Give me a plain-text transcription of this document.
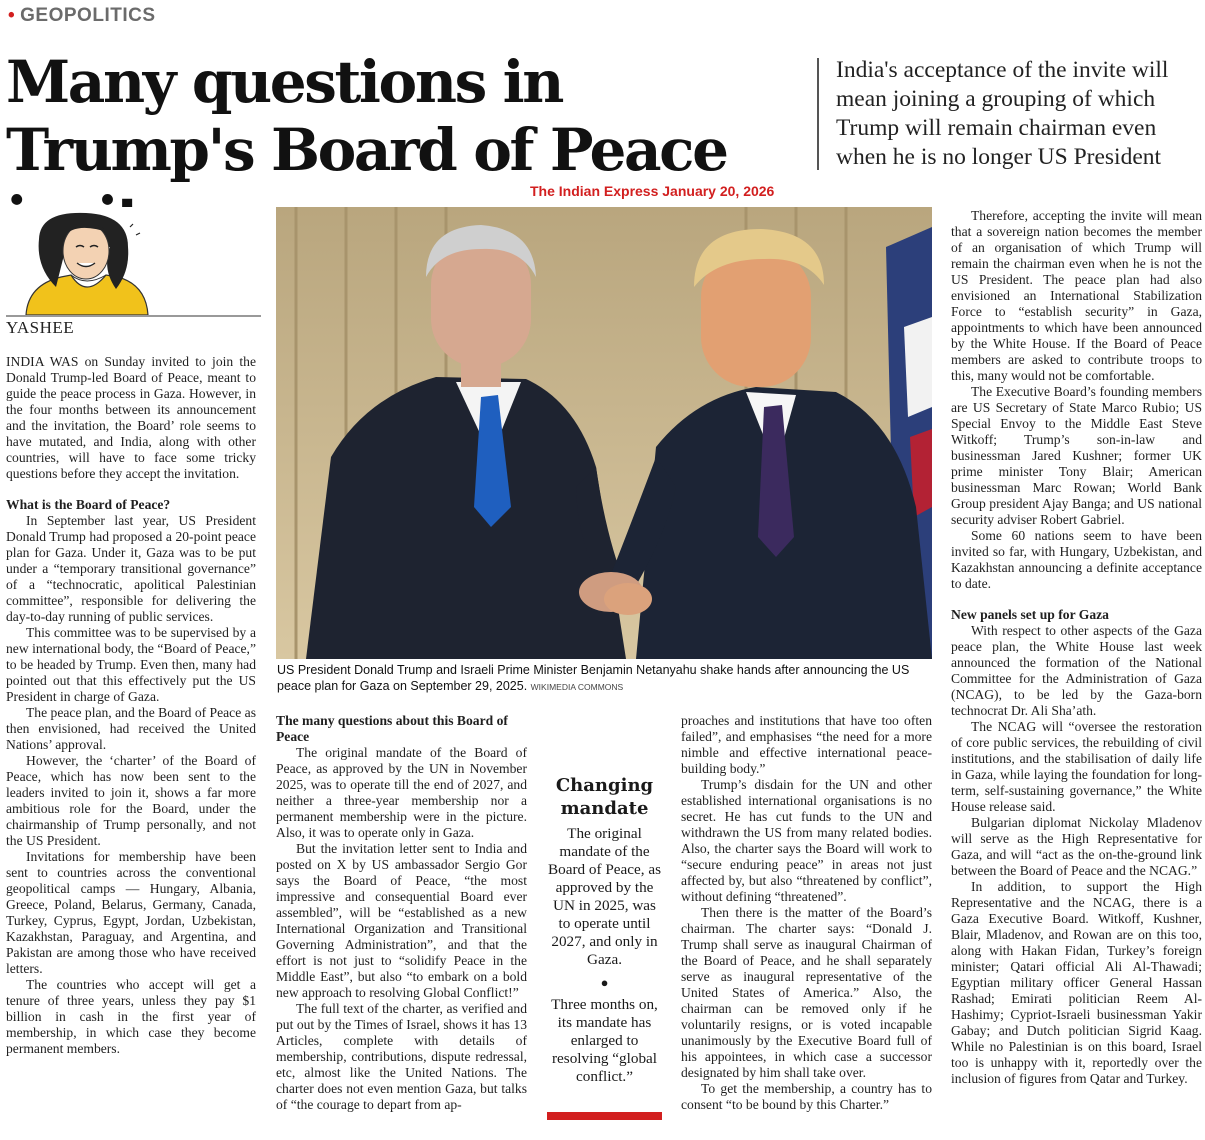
• GEOPOLITICS
Many questions in Trump's Board of Peace
India's acceptance of the invite will mean joining a grouping of which Trump will remain chairman even when he is no longer US President
The Indian Express January 20, 2026
YASHEE

INDIA WAS on Sunday invited to join the Donald Trump-led Board of Peace, meant to guide the peace process in Gaza. However, in the four months between its announcement and the invitation, the Board’ role seems to have mutated, and India, along with other countries, will have to face some tricky questions before they accept the invitation.

What is the Board of Peace?

In September last year, US President Donald Trump had proposed a 20-point peace plan for Gaza. Under it, Gaza was to be put under a “temporary transitional governance” of a “technocratic, apolitical Palestinian committee”, responsible for delivering the day-to-day running of public services.

This committee was to be supervised by a new international body, the “Board of Peace,” to be headed by Trump. Even then, many had pointed out that this effectively put the US President in charge of Gaza.

The peace plan, and the Board of Peace as then envisioned, had received the United Nations’ approval.

However, the ‘charter’ of the Board of Peace, which has now been sent to the leaders invited to join it, shows a far more ambitious role for the Board, under the chairmanship of Trump personally, and not the US President.

Invitations for membership have been sent to countries across the conventional geopolitical camps — Hungary, Albania, Greece, Poland, Belarus, Germany, Canada, Turkey, Cyprus, Egypt, Jordan, Uzbekistan, Kazakhstan, Paraguay, and Argentina, and Pakistan are among those who have received letters.

The countries who accept will get a tenure of three years, unless they pay $1 billion in cash in the first year of membership, in which case they become permanent members.

US President Donald Trump and Israeli Prime Minister Benjamin Netanyahu shake hands after announcing the US peace plan for Gaza on September 29, 2025. WIKIMEDIA COMMONS
The many questions about this Board of Peace

The original mandate of the Board of Peace, as approved by the UN in November 2025, was to operate till the end of 2027, and neither a three-year membership nor a permanent membership were in the picture. Also, it was to operate only in Gaza.

But the invitation letter sent to India and posted on X by US ambassador Sergio Gor says the Board of Peace, “the most impressive and consequential Board ever assembled”, will be “established as a new International Organization and Transitional Governing Administration”, and that the effort is not just to “solidify Peace in the Middle East”, but also “to embark on a bold new approach to resolving Global Conflict!”

The full text of the charter, as verified and put out by the Times of Israel, shows it has 13 Articles, complete with details of membership, contributions, dispute redressal, etc, almost like the United Nations. The charter does not even mention Gaza, but talks of “the courage to depart from ap-

Changing mandate
The original mandate of the Board of Peace, as approved by the UN in 2025, was to operate until 2027, and only in Gaza.
●
Three months on, its mandate has enlarged to resolving “global conflict.”

proaches and institutions that have too often failed”, and emphasises “the need for a more nimble and effective international peace-building body.”

Trump’s disdain for the UN and other established international organisations is no secret. He has cut funds to the UN and withdrawn the US from many related bodies. Also, the charter says the Board will work to “secure enduring peace” in areas not just affected by, but also “threatened by conflict”, without defining “threatened”.

Then there is the matter of the Board’s chairman. The charter says: “Donald J. Trump shall serve as inaugural Chairman of the Board of Peace, and he shall separately serve as inaugural representative of the United States of America.” Also, the chairman can be removed only if he voluntarily resigns, or is voted incapable unanimously by the Executive Board full of his appointees, in which case a successor designated by him shall take over.

To get the membership, a country has to consent “to be bound by this Charter.”

Therefore, accepting the invite will mean that a sovereign nation becomes the member of an organisation of which Trump will remain the chairman even when he is not the US President. The peace plan had also envisioned an International Stabilization Force to “establish security” in Gaza, appointments to which have been announced by the White House. If the Board of Peace members are asked to contribute troops to this, many would not be comfortable.

The Executive Board’s founding members are US Secretary of State Marco Rubio; US Special Envoy to the Middle East Steve Witkoff; Trump’s son-in-law and businessman Jared Kushner; former UK prime minister Tony Blair; American businessman Marc Rowan; World Bank Group president Ajay Banga; and US national security adviser Robert Gabriel.

Some 60 nations seem to have been invited so far, with Hungary, Uzbekistan, and Kazakhstan announcing a definite acceptance to date.

New panels set up for Gaza

With respect to other aspects of the Gaza peace plan, the White House last week announced the formation of the National Committee for the Administration of Gaza (NCAG), to be led by the Gaza-born technocrat Dr. Ali Sha’ath.

The NCAG will “oversee the restoration of core public services, the rebuilding of civil institutions, and the stabilisation of daily life in Gaza, while laying the foundation for long-term, self-sustaining governance,” the White House release said.

Bulgarian diplomat Nickolay Mladenov will serve as the High Representative for Gaza, and will “act as the on-the-ground link between the Board of Peace and the NCAG.”

In addition, to support the High Representative and the NCAG, there is a Gaza Executive Board. Witkoff, Kushner, Blair, Mladenov, and Rowan are on this too, along with Hakan Fidan, Turkey’s foreign minister; Qatari official Ali Al-Thawadi; Egyptian military officer General Hassan Rashad; Emirati politician Reem Al-Hashimy; Cypriot-Israeli businessman Yakir Gabay; and Dutch politician Sigrid Kaag. While no Palestinian is on this board, Israel too is unhappy with it, reportedly over the inclusion of figures from Qatar and Turkey.
